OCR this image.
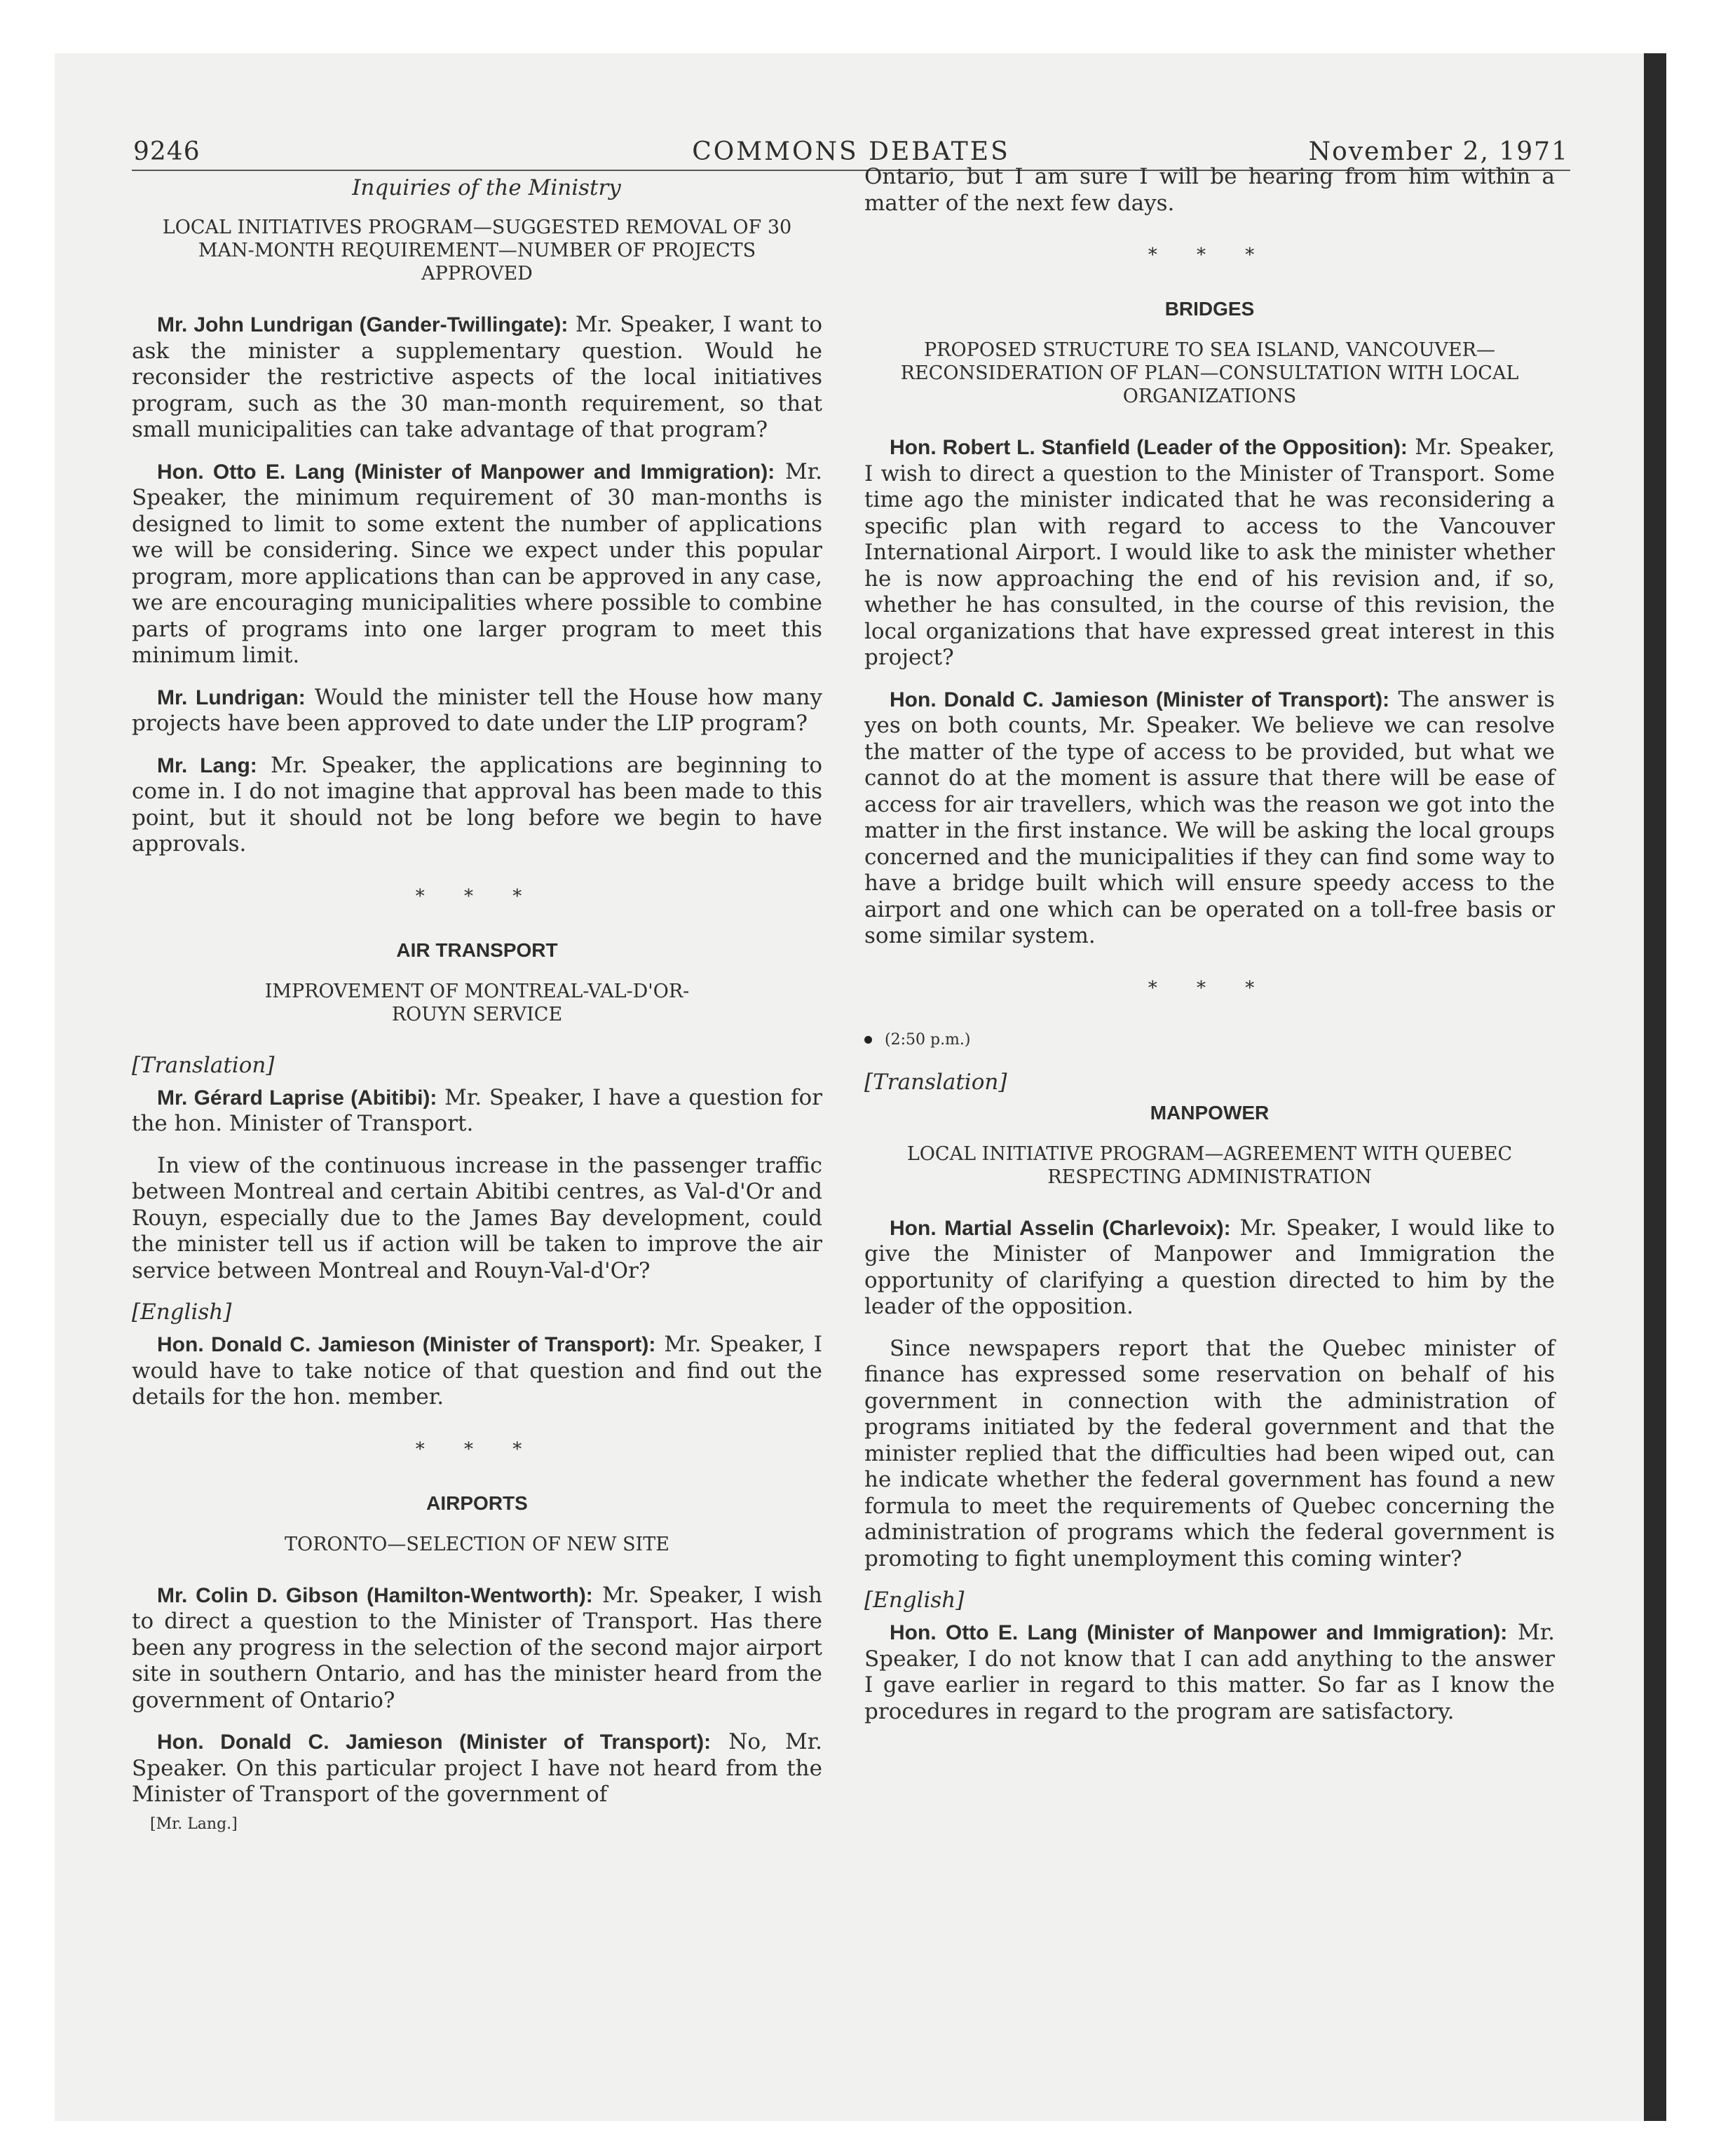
9246	COMMONS DEBATES	November 2, 1971
Inquiries of the Ministry
LOCAL INITIATIVES PROGRAM—SUGGESTED REMOVAL OF 30 MAN-MONTH REQUIREMENT—NUMBER OF PROJECTS APPROVED

Mr. John Lundrigan (Gander-Twillingate): Mr. Speaker, I want to ask the minister a supplementary question. Would he reconsider the restrictive aspects of the local initiatives program, such as the 30 man-month requirement, so that small municipalities can take advantage of that program?

Hon. Otto E. Lang (Minister of Manpower and Immigration): Mr. Speaker, the minimum requirement of 30 man-months is designed to limit to some extent the number of applications we will be considering. Since we expect under this popular program, more applications than can be approved in any case, we are encouraging municipalities where possible to combine parts of programs into one larger program to meet this minimum limit.

Mr. Lundrigan: Would the minister tell the House how many projects have been approved to date under the LIP program?

Mr. Lang: Mr. Speaker, the applications are beginning to come in. I do not imagine that approval has been made to this point, but it should not be long before we begin to have approvals.

* * *
AIR TRANSPORT
IMPROVEMENT OF MONTREAL-VAL-D'OR-ROUYN SERVICE
[Translation]

Mr. Gérard Laprise (Abitibi): Mr. Speaker, I have a question for the hon. Minister of Transport.

In view of the continuous increase in the passenger traffic between Montreal and certain Abitibi centres, as Val-d'Or and Rouyn, especially due to the James Bay development, could the minister tell us if action will be taken to improve the air service between Montreal and Rouyn-Val-d'Or?

[English]

Hon. Donald C. Jamieson (Minister of Transport): Mr. Speaker, I would have to take notice of that question and find out the details for the hon. member.

* * *
AIRPORTS
TORONTO—SELECTION OF NEW SITE

Mr. Colin D. Gibson (Hamilton-Wentworth): Mr. Speaker, I wish to direct a question to the Minister of Transport. Has there been any progress in the selection of the second major airport site in southern Ontario, and has the minister heard from the government of Ontario?

Hon. Donald C. Jamieson (Minister of Transport): No, Mr. Speaker. On this particular project I have not heard from the Minister of Transport of the government of

[Mr. Lang.]

Ontario, but I am sure I will be hearing from him within a matter of the next few days.

* * *
BRIDGES
PROPOSED STRUCTURE TO SEA ISLAND, VANCOUVER—RECONSIDERATION OF PLAN—CONSULTATION WITH LOCAL ORGANIZATIONS

Hon. Robert L. Stanfield (Leader of the Opposition): Mr. Speaker, I wish to direct a question to the Minister of Transport. Some time ago the minister indicated that he was reconsidering a specific plan with regard to access to the Vancouver International Airport. I would like to ask the minister whether he is now approaching the end of his revision and, if so, whether he has consulted, in the course of this revision, the local organizations that have expressed great interest in this project?

Hon. Donald C. Jamieson (Minister of Transport): The answer is yes on both counts, Mr. Speaker. We believe we can resolve the matter of the type of access to be provided, but what we cannot do at the moment is assure that there will be ease of access for air travellers, which was the reason we got into the matter in the first instance. We will be asking the local groups concerned and the municipalities if they can find some way to have a bridge built which will ensure speedy access to the airport and one which can be operated on a toll-free basis or some similar system.

* * *
(2:50 p.m.)
[Translation]
MANPOWER
LOCAL INITIATIVE PROGRAM—AGREEMENT WITH QUEBEC RESPECTING ADMINISTRATION

Hon. Martial Asselin (Charlevoix): Mr. Speaker, I would like to give the Minister of Manpower and Immigration the opportunity of clarifying a question directed to him by the leader of the opposition.

Since newspapers report that the Quebec minister of finance has expressed some reservation on behalf of his government in connection with the administration of programs initiated by the federal government and that the minister replied that the difficulties had been wiped out, can he indicate whether the federal government has found a new formula to meet the requirements of Quebec concerning the administration of programs which the federal government is promoting to fight unemployment this coming winter?

[English]

Hon. Otto E. Lang (Minister of Manpower and Immigration): Mr. Speaker, I do not know that I can add anything to the answer I gave earlier in regard to this matter. So far as I know the procedures in regard to the program are satisfactory.
